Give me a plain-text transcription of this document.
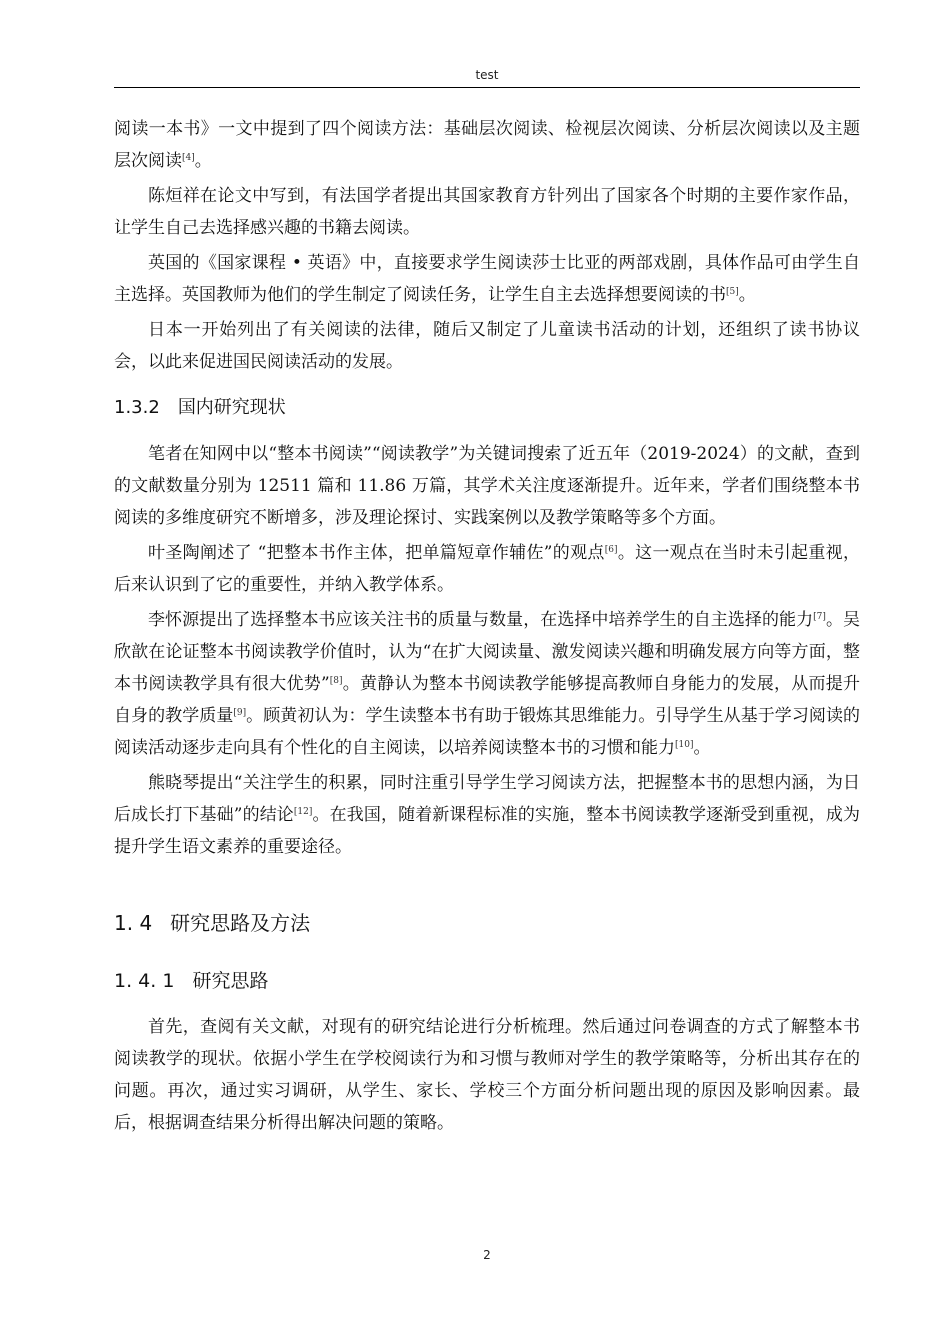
test

阅读一本书》一文中提到了四个阅读方法：基础层次阅读、检视层次阅读、分析层次阅读以及主题层次阅读[4]。

陈烜祥在论文中写到，有法国学者提出其国家教育方针列出了国家各个时期的主要作家作品，让学生自己去选择感兴趣的书籍去阅读。

英国的《国家课程 • 英语》中，直接要求学生阅读莎士比亚的两部戏剧，具体作品可由学生自主选择。英国教师为他们的学生制定了阅读任务，让学生自主去选择想要阅读的书[5]。

日本一开始列出了有关阅读的法律，随后又制定了儿童读书活动的计划，还组织了读书协议会，以此来促进国民阅读活动的发展。

1.3.2 国内研究现状

笔者在知网中以“整本书阅读”“阅读教学”为关键词搜索了近五年（2019-2024）的文献，查到的文献数量分别为 12511 篇和 11.86 万篇，其学术关注度逐渐提升。近年来，学者们围绕整本书阅读的多维度研究不断增多，涉及理论探讨、实践案例以及教学策略等多个方面。

叶圣陶阐述了 “把整本书作主体，把单篇短章作辅佐”的观点[6]。这一观点在当时未引起重视，后来认识到了它的重要性，并纳入教学体系。

李怀源提出了选择整本书应该关注书的质量与数量，在选择中培养学生的自主选择的能力[7]。吴欣歆在论证整本书阅读教学价值时，认为“在扩大阅读量、激发阅读兴趣和明确发展方向等方面，整本书阅读教学具有很大优势”[8]。黄静认为整本书阅读教学能够提高教师自身能力的发展，从而提升自身的教学质量[9]。顾黄初认为：学生读整本书有助于锻炼其思维能力。引导学生从基于学习阅读的阅读活动逐步走向具有个性化的自主阅读，以培养阅读整本书的习惯和能力[10]。

熊晓琴提出“关注学生的积累，同时注重引导学生学习阅读方法，把握整本书的思想内涵，为日后成长打下基础”的结论[12]。在我国，随着新课程标准的实施，整本书阅读教学逐渐受到重视，成为提升学生语文素养的重要途径。

1. 4 研究思路及方法
1. 4. 1 研究思路

首先，查阅有关文献，对现有的研究结论进行分析梳理。然后通过问卷调查的方式了解整本书阅读教学的现状。依据小学生在学校阅读行为和习惯与教师对学生的教学策略等，分析出其存在的问题。再次，通过实习调研，从学生、家长、学校三个方面分析问题出现的原因及影响因素。最后，根据调查结果分析得出解决问题的策略。

2
